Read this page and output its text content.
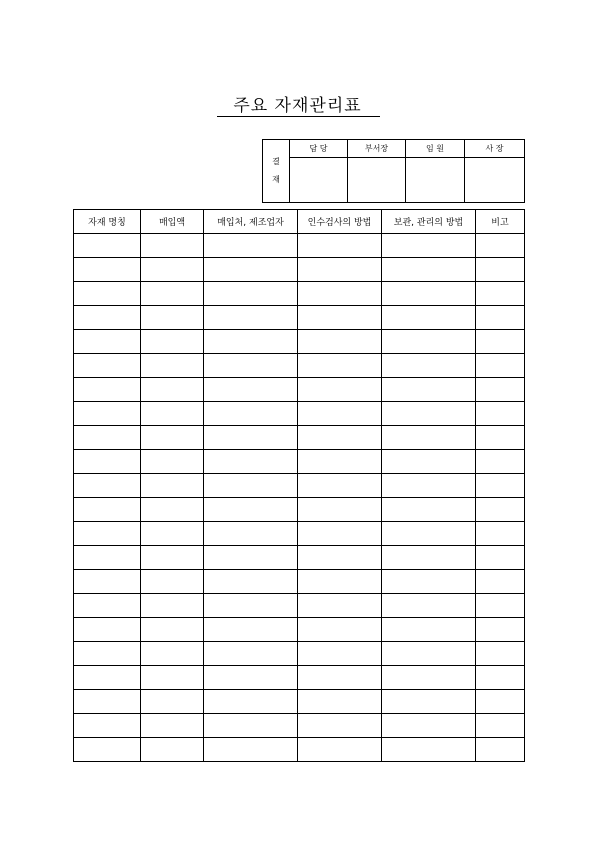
주요 자재관리표
결
재	담 당	부서장	임 원	사 장

자재 명칭	매입액	매입처, 제조업자	인수검사의 방법	보관, 관리의 방법	비고
